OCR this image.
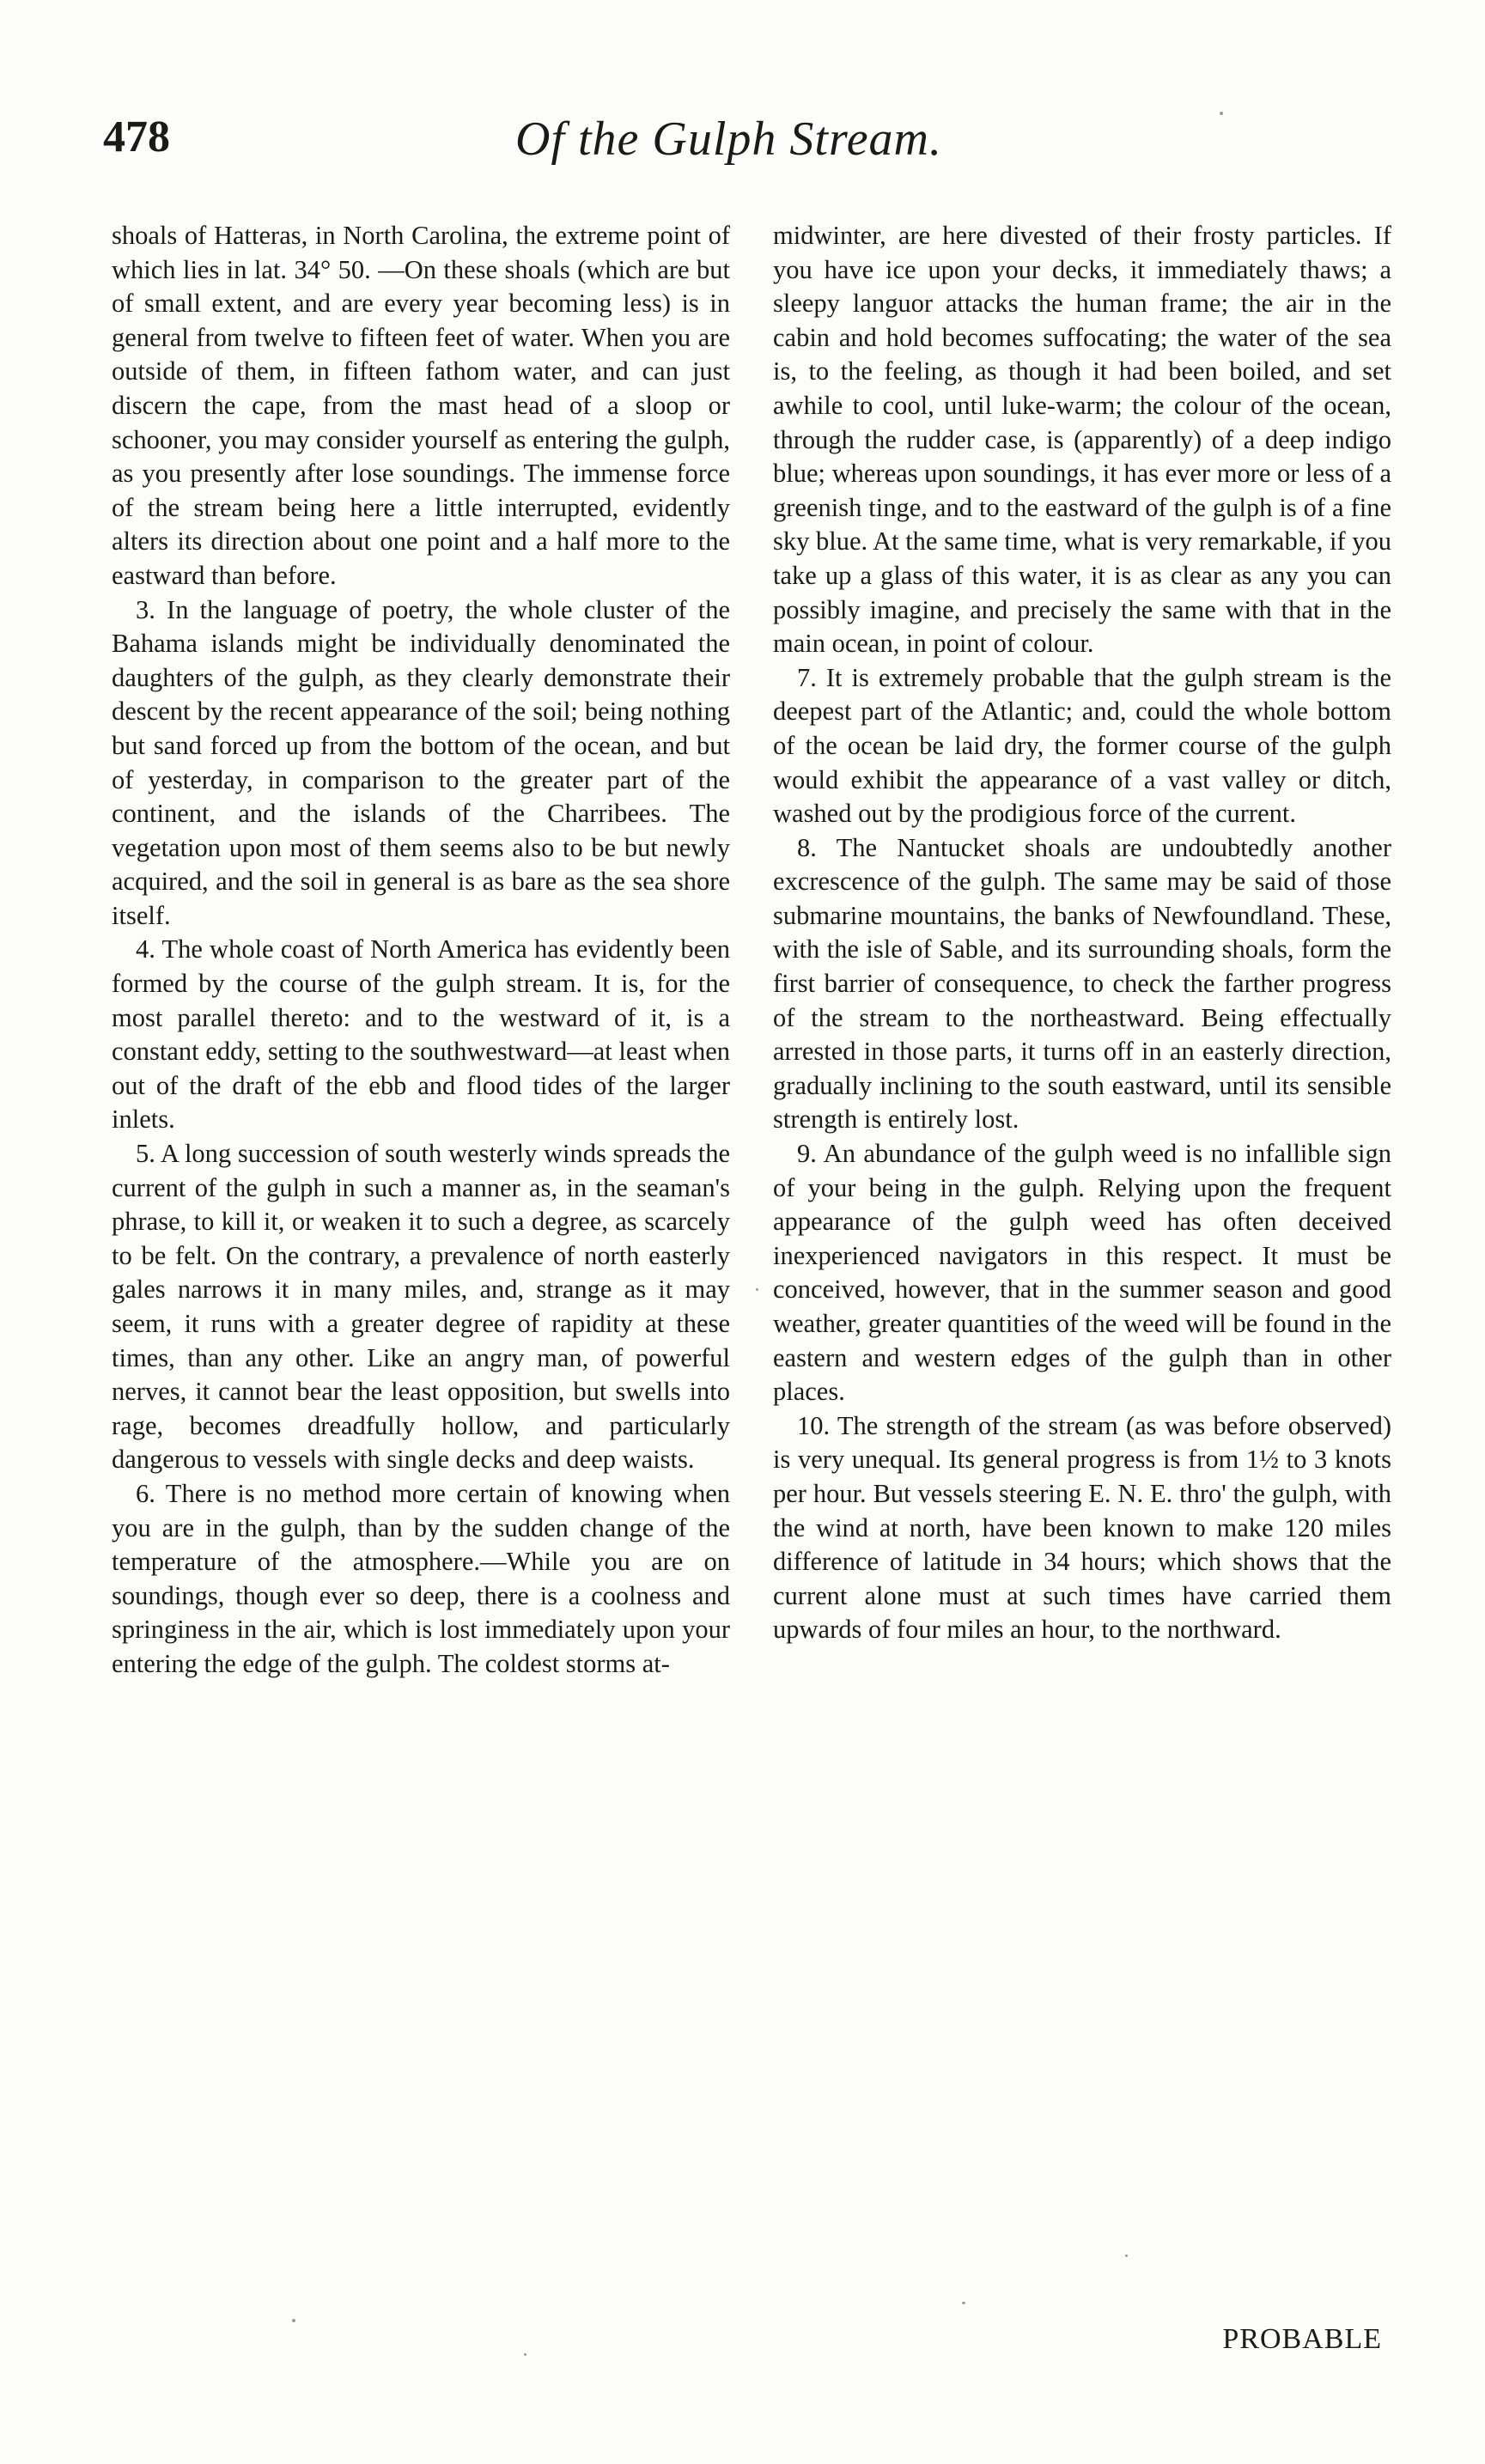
478	Of the Gulph Stream.

shoals of Hatteras, in North Carolina, the extreme point of which lies in lat. 34° 50. —On these shoals (which are but of small extent, and are every year becoming less) is in general from twelve to fifteen feet of water. When you are outside of them, in fifteen fathom water, and can just discern the cape, from the mast head of a sloop or schooner, you may consider yourself as entering the gulph, as you presently after lose soundings. The immense force of the stream being here a little interrupted, evidently alters its direction about one point and a half more to the eastward than before.

3. In the language of poetry, the whole cluster of the Bahama islands might be individually denominated the daughters of the gulph, as they clearly demonstrate their descent by the recent appearance of the soil; being nothing but sand forced up from the bottom of the ocean, and but of yesterday, in comparison to the greater part of the continent, and the islands of the Charribees. The vegetation upon most of them seems also to be but newly acquired, and the soil in general is as bare as the sea shore itself.

4. The whole coast of North America has evidently been formed by the course of the gulph stream. It is, for the most parallel thereto: and to the westward of it, is a constant eddy, setting to the southwestward—at least when out of the draft of the ebb and flood tides of the larger inlets.

5. A long succession of south westerly winds spreads the current of the gulph in such a manner as, in the seaman's phrase, to kill it, or weaken it to such a degree, as scarcely to be felt. On the contrary, a prevalence of north easterly gales narrows it in many miles, and, strange as it may seem, it runs with a greater degree of rapidity at these times, than any other. Like an angry man, of powerful nerves, it cannot bear the least opposition, but swells into rage, becomes dreadfully hollow, and particularly dangerous to vessels with single decks and deep waists.

6. There is no method more certain of knowing when you are in the gulph, than by the sudden change of the temperature of the atmosphere.—While you are on soundings, though ever so deep, there is a coolness and springiness in the air, which is lost immediately upon your entering the edge of the gulph. The coldest storms at-

midwinter, are here divested of their frosty particles. If you have ice upon your decks, it immediately thaws; a sleepy languor attacks the human frame; the air in the cabin and hold becomes suffocating; the water of the sea is, to the feeling, as though it had been boiled, and set awhile to cool, until luke-warm; the colour of the ocean, through the rudder case, is (apparently) of a deep indigo blue; whereas upon soundings, it has ever more or less of a greenish tinge, and to the eastward of the gulph is of a fine sky blue. At the same time, what is very remarkable, if you take up a glass of this water, it is as clear as any you can possibly imagine, and precisely the same with that in the main ocean, in point of colour.

7. It is extremely probable that the gulph stream is the deepest part of the Atlantic; and, could the whole bottom of the ocean be laid dry, the former course of the gulph would exhibit the appearance of a vast valley or ditch, washed out by the prodigious force of the current.

8. The Nantucket shoals are undoubtedly another excrescence of the gulph. The same may be said of those submarine mountains, the banks of Newfoundland. These, with the isle of Sable, and its surrounding shoals, form the first barrier of consequence, to check the farther progress of the stream to the northeastward. Being effectually arrested in those parts, it turns off in an easterly direction, gradually inclining to the south eastward, until its sensible strength is entirely lost.

9. An abundance of the gulph weed is no infallible sign of your being in the gulph. Relying upon the frequent appearance of the gulph weed has often deceived inexperienced navigators in this respect. It must be conceived, however, that in the summer season and good weather, greater quantities of the weed will be found in the eastern and western edges of the gulph than in other places.

10. The strength of the stream (as was before observed) is very unequal. Its general progress is from 1½ to 3 knots per hour. But vessels steering E. N. E. thro' the gulph, with the wind at north, have been known to make 120 miles difference of latitude in 34 hours; which shows that the current alone must at such times have carried them upwards of four miles an hour, to the northward.

PROBABLE
